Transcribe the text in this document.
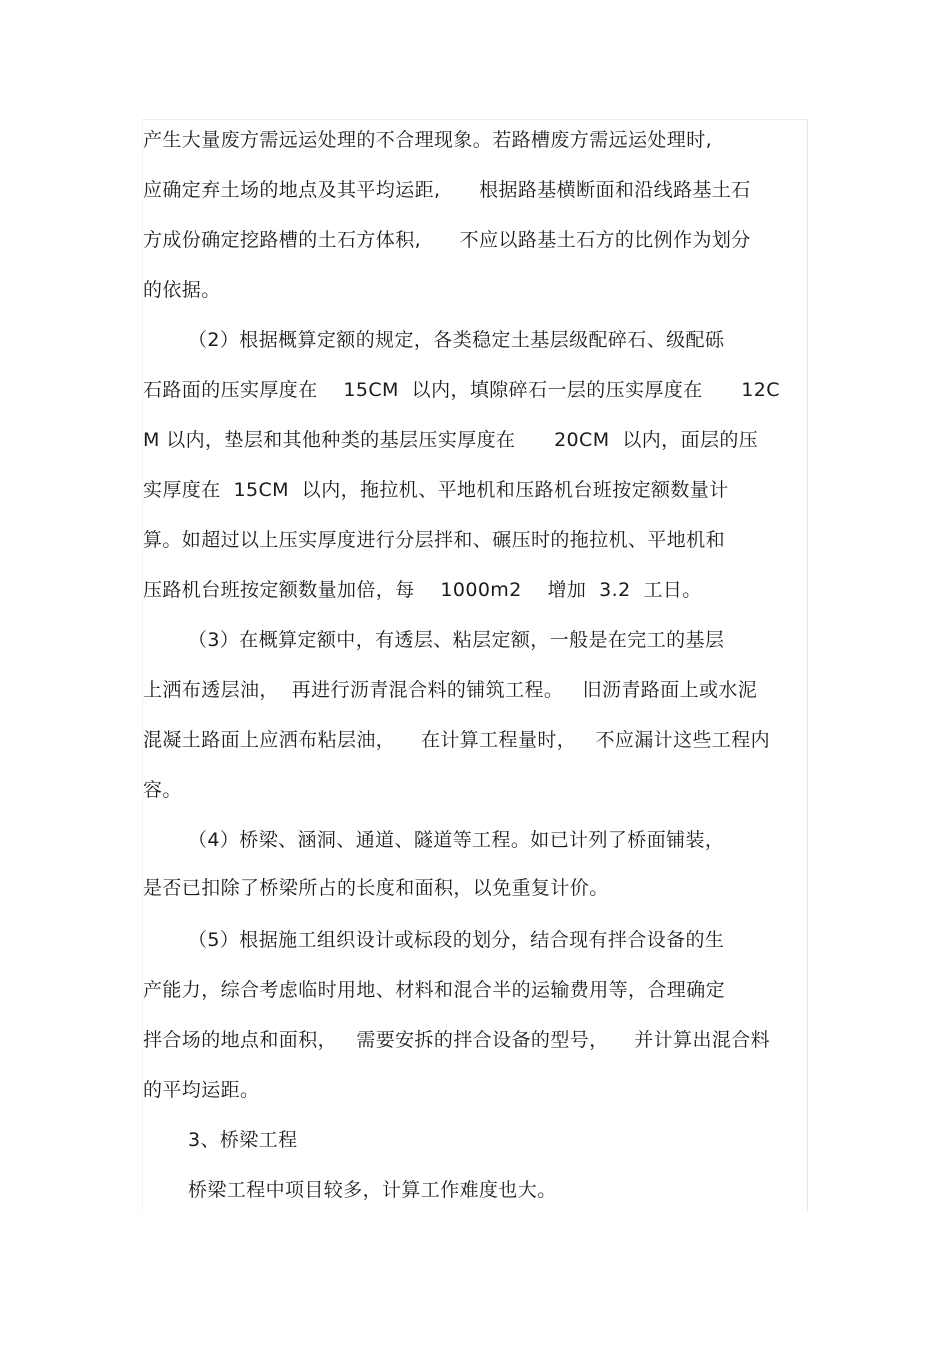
产生大量废方需远运处理的不合理现象。若路槽废方需远运处理时,
应确定弃土场的地点及其平均运距,      根据路基横断面和沿线路基土石
方成份确定挖路槽的土石方体积,      不应以路基土石方的比例作为划分
的依据。
（2）根据概算定额的规定，各类稳定土基层级配碎石、级配砾
石路面的压实厚度在    15CM  以内，填隙碎石一层的压实厚度在      12C
M 以内，垫层和其他种类的基层压实厚度在      20CM  以内，面层的压
实厚度在  15CM  以内，拖拉机、平地机和压路机台班按定额数量计
算。如超过以上压实厚度进行分层拌和、碾压时的拖拉机、平地机和
压路机台班按定额数量加倍，每    1000m2    增加  3.2  工日。
（3）在概算定额中，有透层、粘层定额，一般是在完工的基层
上洒布透层油，  再进行沥青混合料的铺筑工程。   旧沥青路面上或水泥
混凝土路面上应洒布粘层油，    在计算工程量时，   不应漏计这些工程内
容。
（4）桥梁、涵洞、通道、隧道等工程。如已计列了桥面铺装，
是否已扣除了桥梁所占的长度和面积，以免重复计价。
（5）根据施工组织设计或标段的划分，结合现有拌合设备的生
产能力，综合考虑临时用地、材料和混合半的运输费用等，合理确定
拌合场的地点和面积，   需要安拆的拌合设备的型号，    并计算出混合料
的平均运距。
3、桥梁工程
桥梁工程中项目较多，计算工作难度也大。
